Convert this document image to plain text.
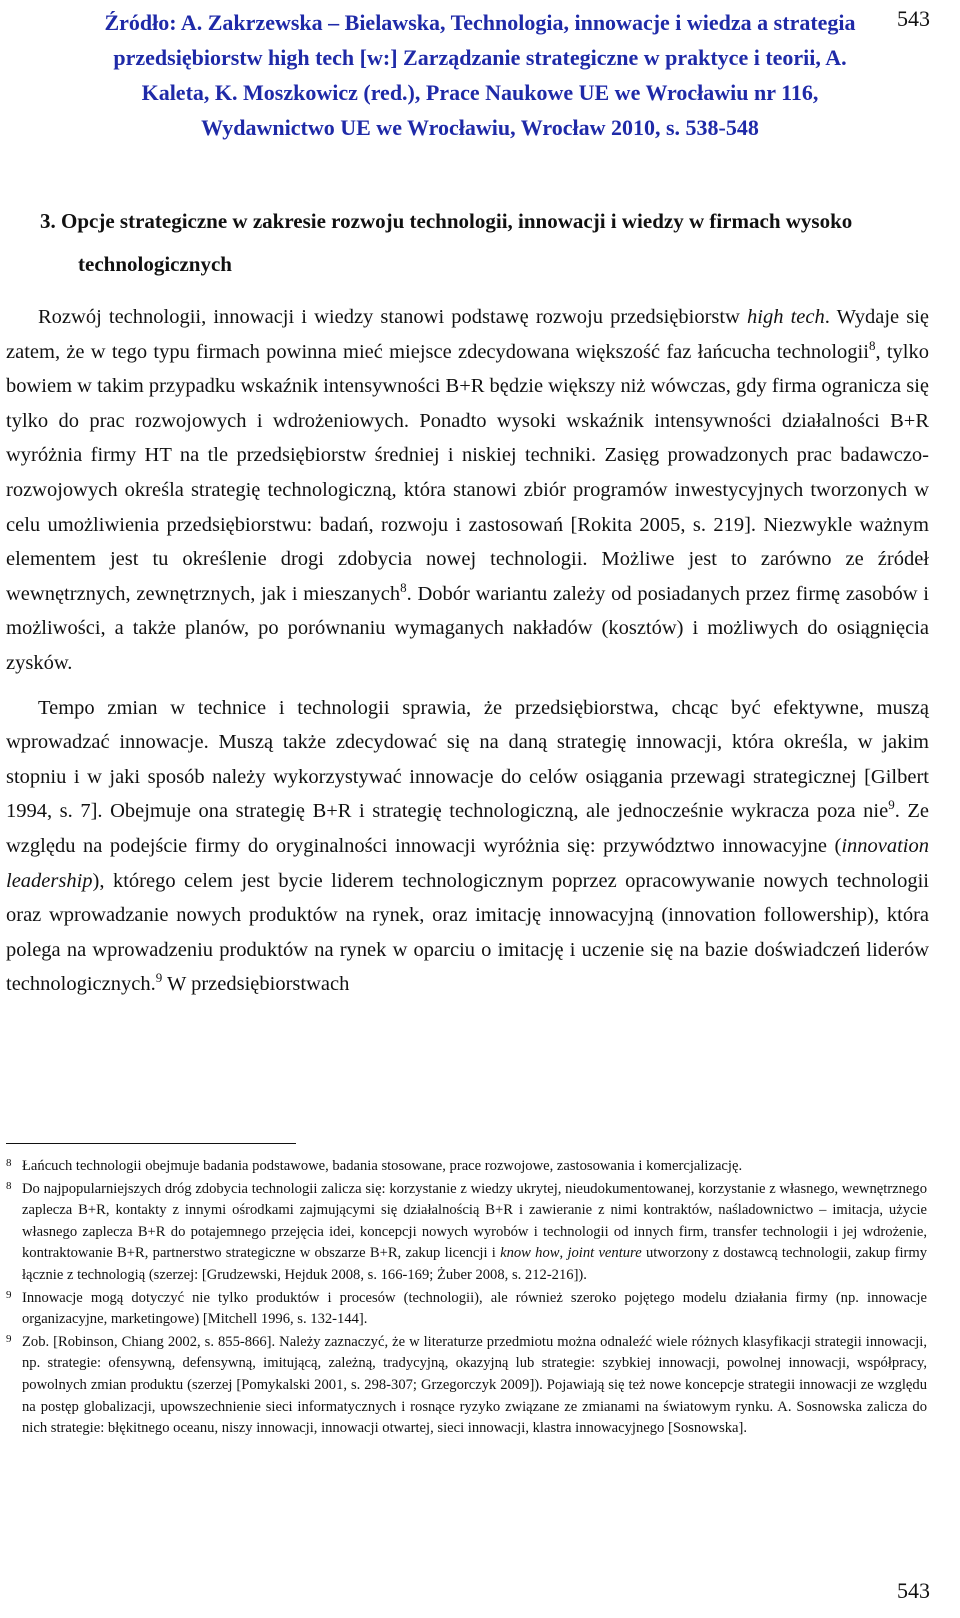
543
Źródło: A. Zakrzewska – Bielawska, Technologia, innowacje i wiedza a strategia
przedsiębiorstw high tech [w:] Zarządzanie strategiczne w praktyce i teorii, A.
Kaleta, K. Moszkowicz (red.), Prace Naukowe UE we Wrocławiu nr 116,
Wydawnictwo UE we Wrocławiu, Wrocław 2010, s. 538-548
3. Opcje strategiczne w zakresie rozwoju technologii, innowacji i wiedzy w firmach wysoko technologicznych

Rozwój technologii, innowacji i wiedzy stanowi podstawę rozwoju przedsiębiorstw high tech. Wydaje się zatem, że w tego typu firmach powinna mieć miejsce zdecydowana większość faz łańcucha technologii$^8$, tylko bowiem w takim przypadku wskaźnik intensywności B+R będzie większy niż wówczas, gdy firma ogranicza się tylko do prac rozwojowych i wdrożeniowych. Ponadto wysoki wskaźnik intensywności działalności B+R wyróżnia firmy HT na tle przedsiębiorstw średniej i niskiej techniki. Zasięg prowadzonych prac badawczo-rozwojowych określa strategię technologiczną, która stanowi zbiór programów inwestycyjnych tworzonych w celu umożliwienia przedsiębiorstwu: badań, rozwoju i zastosowań [Rokita 2005, s. 219]. Niezwykle ważnym elementem jest tu określenie drogi zdobycia nowej technologii. Możliwe jest to zarówno ze źródeł wewnętrznych, zewnętrznych, jak i mieszanych$^8$. Dobór wariantu zależy od posiadanych przez firmę zasobów i możliwości, a także planów, po porównaniu wymaganych nakładów (kosztów) i możliwych do osiągnięcia zysków.

Tempo zmian w technice i technologii sprawia, że przedsiębiorstwa, chcąc być efektywne, muszą wprowadzać innowacje. Muszą także zdecydować się na daną strategię innowacji, która określa, w jakim stopniu i w jaki sposób należy wykorzystywać innowacje do celów osiągania przewagi strategicznej [Gilbert 1994, s. 7]. Obejmuje ona strategię B+R i strategię technologiczną, ale jednocześnie wykracza poza nie$^9$. Ze względu na podejście firmy do oryginalności innowacji wyróżnia się: przywództwo innowacyjne (innovation leadership), którego celem jest bycie liderem technologicznym poprzez opracowywanie nowych technologii oraz wprowadzanie nowych produktów na rynek, oraz imitację innowacyjną (innovation followership), która polega na wprowadzeniu produktów na rynek w oparciu o imitację i uczenie się na bazie doświadczeń liderów technologicznych.$^9$ W przedsiębiorstwach

8 Łańcuch technologii obejmuje badania podstawowe, badania stosowane, prace rozwojowe, zastosowania i komercjalizację.
8 Do najpopularniejszych dróg zdobycia technologii zalicza się: korzystanie z wiedzy ukrytej, nieudokumentowanej, korzystanie z własnego, wewnętrznego zaplecza B+R, kontakty z innymi ośrodkami zajmującymi się działalnością B+R i zawieranie z nimi kontraktów, naśladownictwo – imitacja, użycie własnego zaplecza B+R do potajemnego przejęcia idei, koncepcji nowych wyrobów i technologii od innych firm, transfer technologii i jej wdrożenie, kontraktowanie B+R, partnerstwo strategiczne w obszarze B+R, zakup licencji i know how, joint venture utworzony z dostawcą technologii, zakup firmy łącznie z technologią (szerzej: [Grudzewski, Hejduk 2008, s. 166-169; Żuber 2008, s. 212-216]).
9 Innowacje mogą dotyczyć nie tylko produktów i procesów (technologii), ale również szeroko pojętego modelu działania firmy (np. innowacje organizacyjne, marketingowe) [Mitchell 1996, s. 132-144].
9 Zob. [Robinson, Chiang 2002, s. 855-866]. Należy zaznaczyć, że w literaturze przedmiotu można odnaleźć wiele różnych klasyfikacji strategii innowacji, np. strategie: ofensywną, defensywną, imitującą, zależną, tradycyjną, okazyjną lub strategie: szybkiej innowacji, powolnej innowacji, współpracy, powolnych zmian produktu (szerzej [Pomykalski 2001, s. 298-307; Grzegorczyk 2009]). Pojawiają się też nowe koncepcje strategii innowacji ze względu na postęp globalizacji, upowszechnienie sieci informatycznych i rosnące ryzyko związane ze zmianami na światowym rynku. A. Sosnowska zalicza do nich strategie: błękitnego oceanu, niszy innowacji, innowacji otwartej, sieci innowacji, klastra innowacyjnego [Sosnowska].
543
